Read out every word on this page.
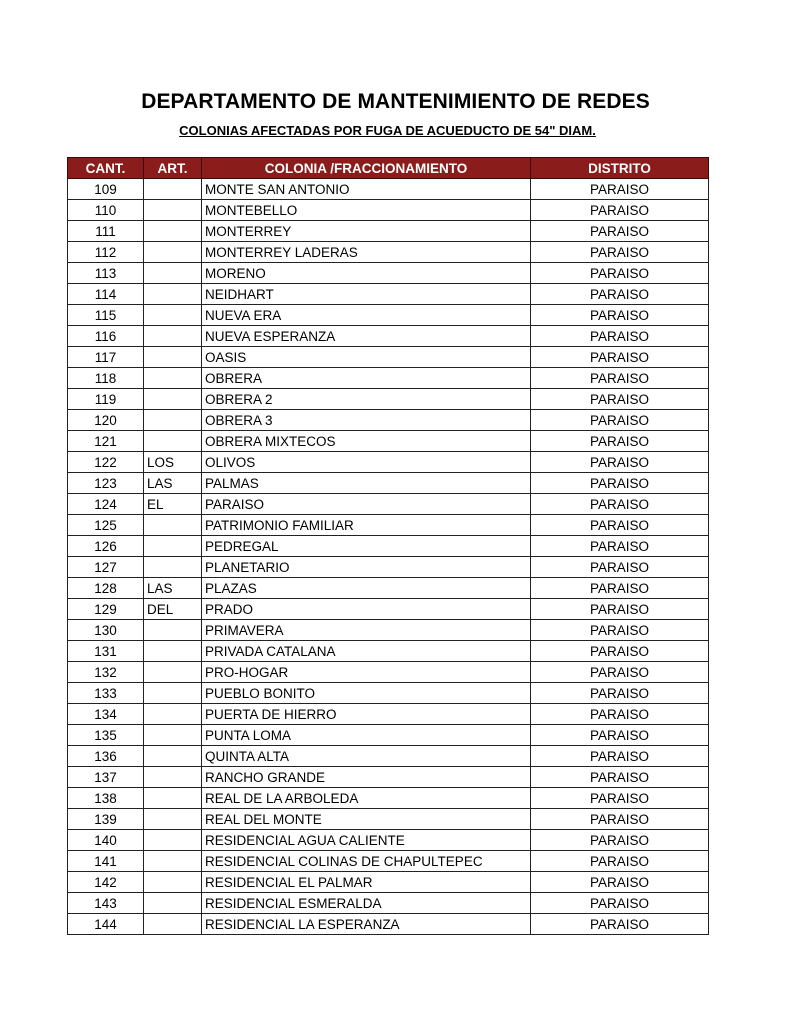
DEPARTAMENTO DE MANTENIMIENTO DE REDES
COLONIAS AFECTADAS POR FUGA DE ACUEDUCTO DE 54" DIAM.
CANT.	ART.	COLONIA /FRACCIONAMIENTO	DISTRITO
109		MONTE SAN ANTONIO	PARAISO
110		MONTEBELLO	PARAISO
111		MONTERREY	PARAISO
112		MONTERREY LADERAS	PARAISO
113		MORENO	PARAISO
114		NEIDHART	PARAISO
115		NUEVA ERA	PARAISO
116		NUEVA ESPERANZA	PARAISO
117		OASIS	PARAISO
118		OBRERA	PARAISO
119		OBRERA 2	PARAISO
120		OBRERA 3	PARAISO
121		OBRERA MIXTECOS	PARAISO
122	LOS	OLIVOS	PARAISO
123	LAS	PALMAS	PARAISO
124	EL	PARAISO	PARAISO
125		PATRIMONIO FAMILIAR	PARAISO
126		PEDREGAL	PARAISO
127		PLANETARIO	PARAISO
128	LAS	PLAZAS	PARAISO
129	DEL	PRADO	PARAISO
130		PRIMAVERA	PARAISO
131		PRIVADA CATALANA	PARAISO
132		PRO-HOGAR	PARAISO
133		PUEBLO BONITO	PARAISO
134		PUERTA DE HIERRO	PARAISO
135		PUNTA LOMA	PARAISO
136		QUINTA ALTA	PARAISO
137		RANCHO GRANDE	PARAISO
138		REAL DE LA ARBOLEDA	PARAISO
139		REAL DEL MONTE	PARAISO
140		RESIDENCIAL AGUA CALIENTE	PARAISO
141		RESIDENCIAL COLINAS DE CHAPULTEPEC	PARAISO
142		RESIDENCIAL EL PALMAR	PARAISO
143		RESIDENCIAL ESMERALDA	PARAISO
144		RESIDENCIAL LA ESPERANZA	PARAISO
